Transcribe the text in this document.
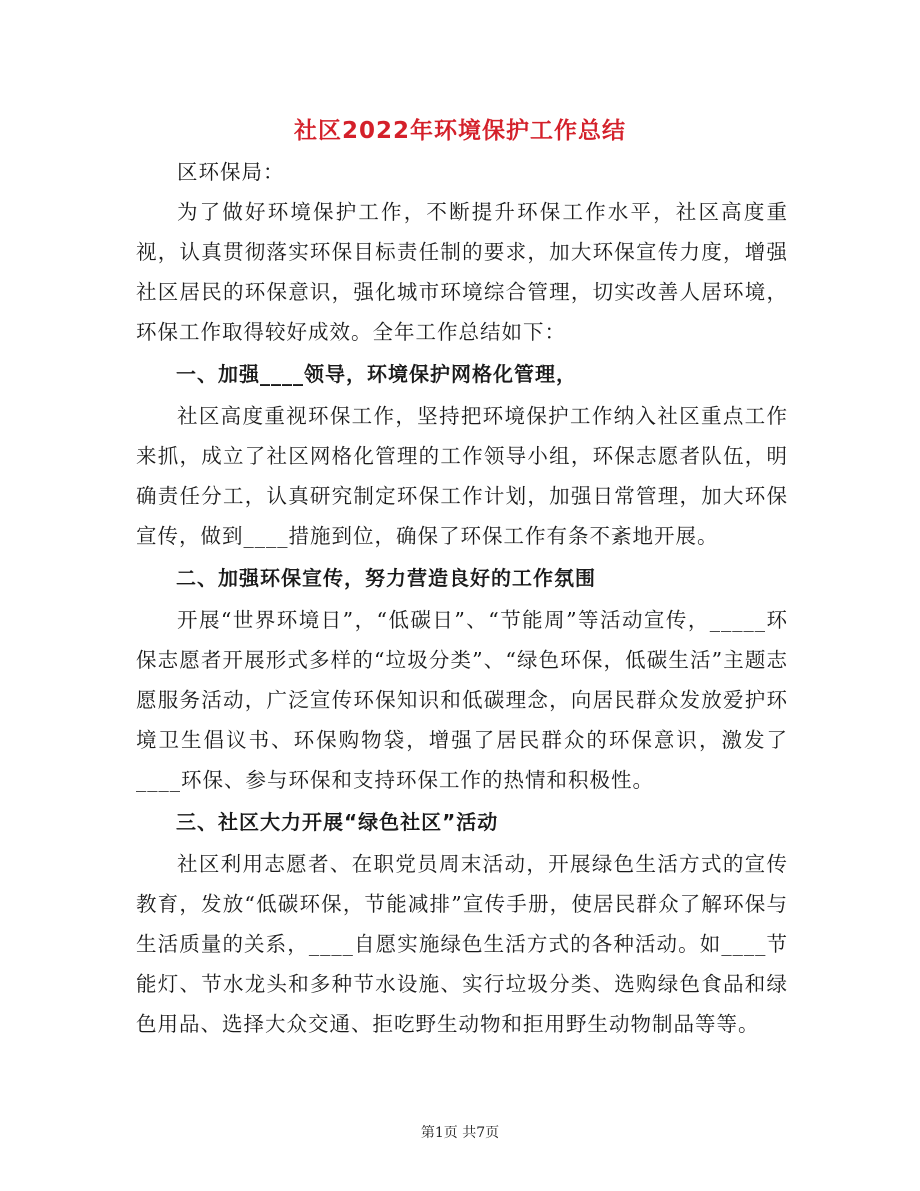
社区2022年环境保护工作总结

区环保局：

为了做好环境保护工作，不断提升环保工作水平，社区高度重视，认真贯彻落实环保目标责任制的要求，加大环保宣传力度，增强社区居民的环保意识，强化城市环境综合管理，切实改善人居环境，环保工作取得较好成效。全年工作总结如下：

一、加强____领导，环境保护网格化管理，

社区高度重视环保工作，坚持把环境保护工作纳入社区重点工作来抓，成立了社区网格化管理的工作领导小组，环保志愿者队伍，明确责任分工，认真研究制定环保工作计划，加强日常管理，加大环保宣传，做到____措施到位，确保了环保工作有条不紊地开展。

二、加强环保宣传，努力营造良好的工作氛围

开展“世界环境日”，“低碳日”、“节能周”等活动宣传，_____环保志愿者开展形式多样的“垃圾分类”、“绿色环保，低碳生活”主题志愿服务活动，广泛宣传环保知识和低碳理念，向居民群众发放爱护环境卫生倡议书、环保购物袋，增强了居民群众的环保意识，激发了____环保、参与环保和支持环保工作的热情和积极性。

三、社区大力开展“绿色社区”活动

社区利用志愿者、在职党员周末活动，开展绿色生活方式的宣传教育，发放“低碳环保，节能减排”宣传手册，使居民群众了解环保与生活质量的关系，____自愿实施绿色生活方式的各种活动。如____节能灯、节水龙头和多种节水设施、实行垃圾分类、选购绿色食品和绿色用品、选择大众交通、拒吃野生动物和拒用野生动物制品等等。

第1页 共7页
